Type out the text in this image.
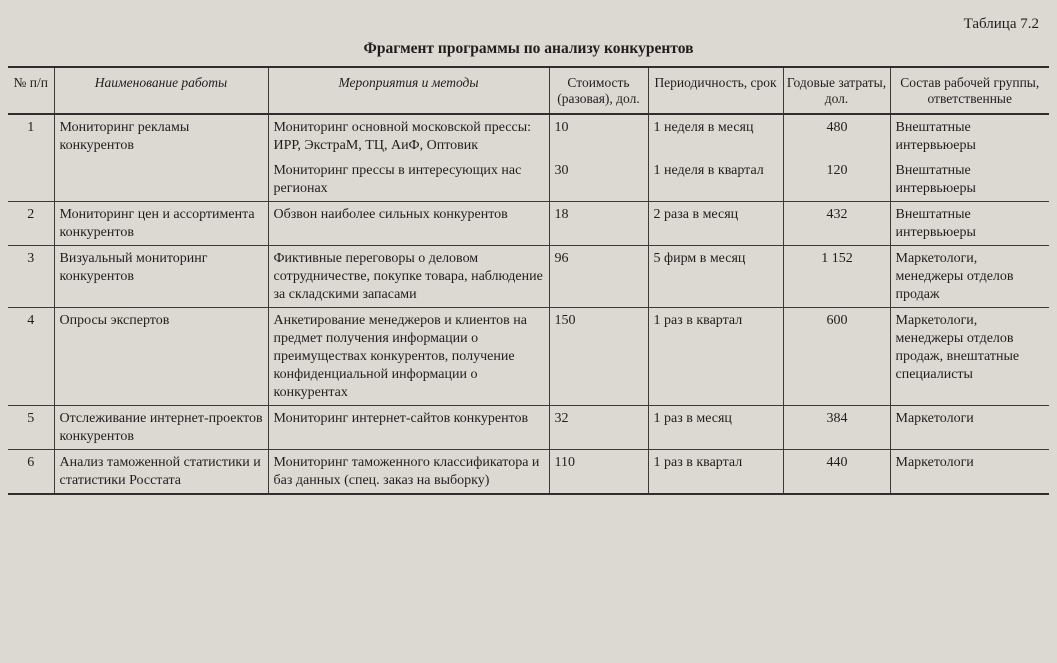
Таблица 7.2
Фрагмент программы по анализу конкурентов
№ п/п	Наименование работы	Мероприятия и методы	Стоимость (разовая), дол.	Периодичность, срок	Годовые затраты, дол.	Состав рабочей группы, ответственные
1	Мониторинг рекламы конкурентов	Мониторинг основной московской прессы: ИРР, ЭкстраМ, ТЦ, АиФ, Оптовик	10	1 неделя в месяц	480	Внештатные интервьюеры
		Мониторинг прессы в интересующих нас регионах	30	1 неделя в квартал	120	Внештатные интервьюеры
2	Мониторинг цен и ассортимента конкурентов	Обзвон наиболее сильных конкурентов	18	2 раза в месяц	432	Внештатные интервьюеры
3	Визуальный мониторинг конкурентов	Фиктивные переговоры о деловом сотрудничестве, покупке товара, наблюдение за складскими запасами	96	5 фирм в месяц	1 152	Маркетологи, менеджеры отделов продаж
4	Опросы экспертов	Анкетирование менеджеров и клиентов на предмет получения информации о преимуществах конкурентов, получение конфиденциальной информации о конкурентах	150	1 раз в квартал	600	Маркетологи, менеджеры отделов продаж, внештатные специалисты
5	Отслеживание интернет-проектов конкурентов	Мониторинг интернет-сайтов конкурентов	32	1 раз в месяц	384	Маркетологи
6	Анализ таможенной статистики и статистики Росстата	Мониторинг таможенного классификатора и баз данных (спец. заказ на выборку)	110	1 раз в квартал	440	Маркетологи
